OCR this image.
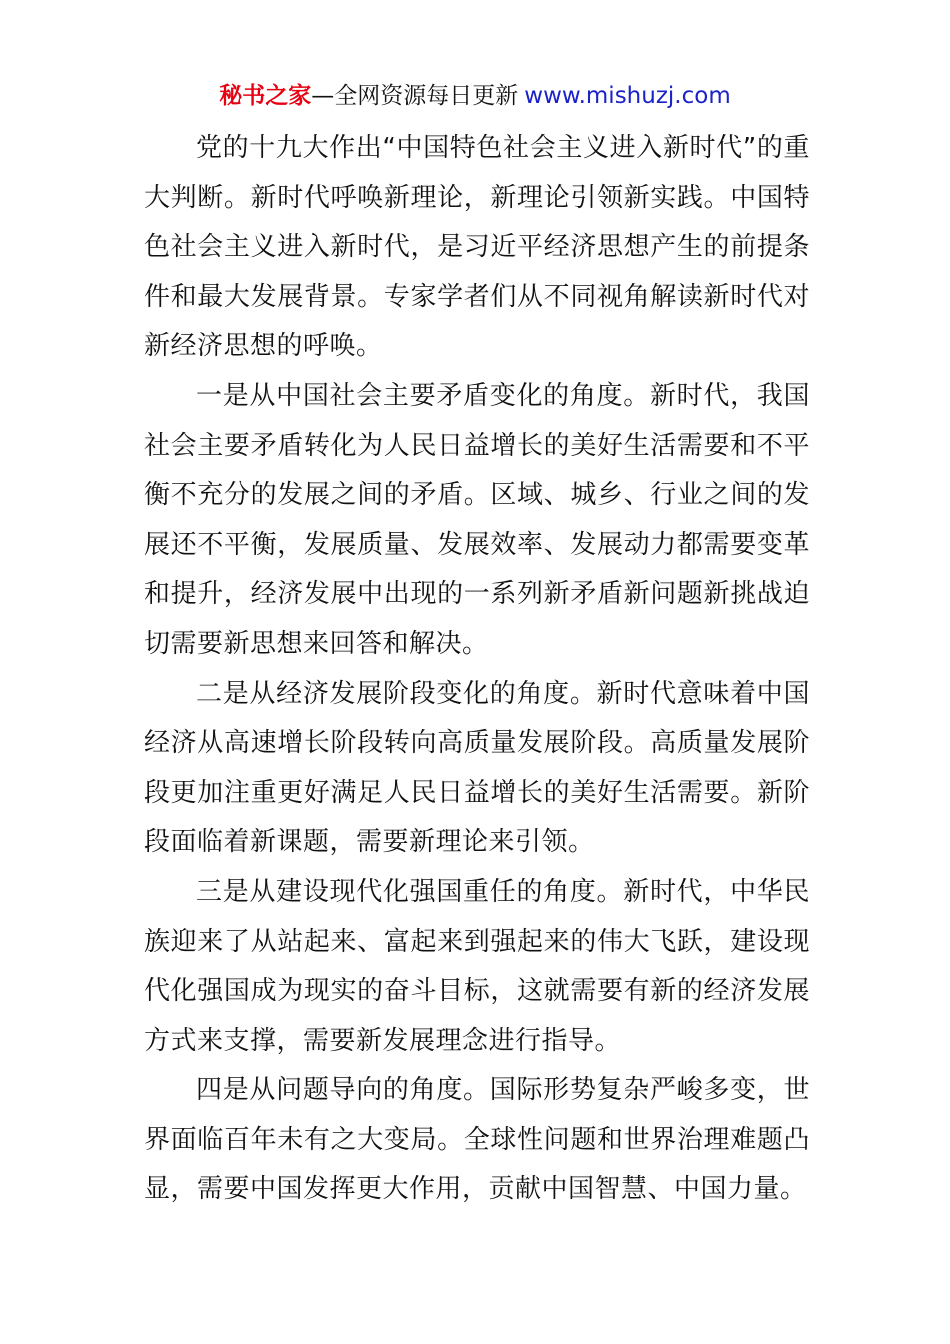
秘书之家—全网资源每日更新 www.mishuzj.com

党的十九大作出“中国特色社会主义进入新时代”的重大判断。新时代呼唤新理论，新理论引领新实践。中国特色社会主义进入新时代，是习近平经济思想产生的前提条件和最大发展背景。专家学者们从不同视角解读新时代对新经济思想的呼唤。

一是从中国社会主要矛盾变化的角度。新时代，我国社会主要矛盾转化为人民日益增长的美好生活需要和不平衡不充分的发展之间的矛盾。区域、城乡、行业之间的发展还不平衡，发展质量、发展效率、发展动力都需要变革和提升，经济发展中出现的一系列新矛盾新问题新挑战迫切需要新思想来回答和解决。

二是从经济发展阶段变化的角度。新时代意味着中国经济从高速增长阶段转向高质量发展阶段。高质量发展阶段更加注重更好满足人民日益增长的美好生活需要。新阶段面临着新课题，需要新理论来引领。

三是从建设现代化强国重任的角度。新时代，中华民族迎来了从站起来、富起来到强起来的伟大飞跃，建设现代化强国成为现实的奋斗目标，这就需要有新的经济发展方式来支撑，需要新发展理念进行指导。

四是从问题导向的角度。国际形势复杂严峻多变，世界面临百年未有之大变局。全球性问题和世界治理难题凸显，需要中国发挥更大作用，贡献中国智慧、中国力量。
